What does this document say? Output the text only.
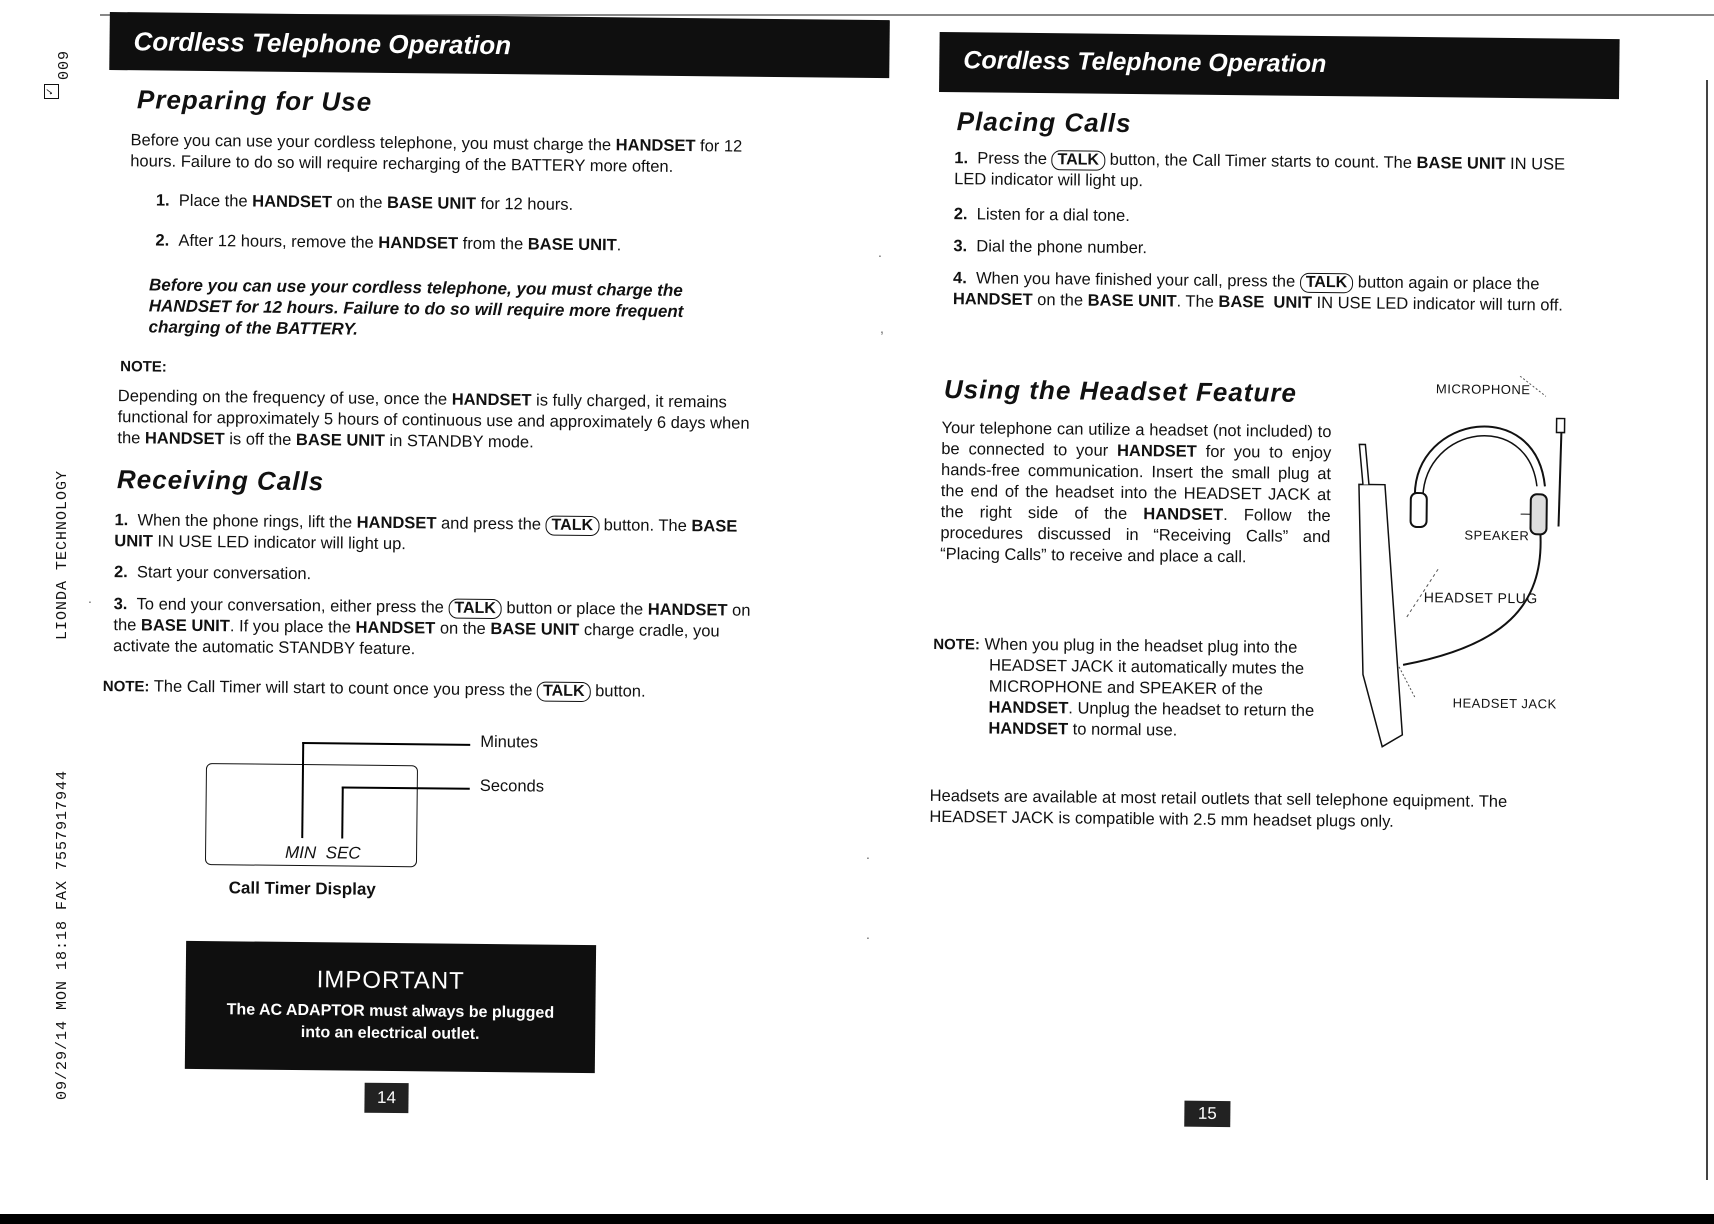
✓
009
LIONDA TECHNOLOGY
09/29/14 MON 18:18 FAX 7557917944
Cordless Telephone Operation
Preparing for Use
Before you can use your cordless telephone, you must charge the HANDSET for 12 hours. Failure to do so will require recharging of the BATTERY more often.
1. Place the HANDSET on the BASE UNIT for 12 hours.
2. After 12 hours, remove the HANDSET from the BASE UNIT.
Before you can use your cordless telephone, you must charge the HANDSET for 12 hours. Failure to do so will require more frequent charging of the BATTERY.
NOTE:
Depending on the frequency of use, once the HANDSET is fully charged, it remains functional for approximately 5 hours of continuous use and approximately 6 days when the HANDSET is off the BASE UNIT in STANDBY mode.
Receiving Calls
1. When the phone rings, lift the HANDSET and press the TALK button. The BASE UNIT IN USE LED indicator will light up.
2. Start your conversation.
3. To end your conversation, either press the TALK button or place the HANDSET on the BASE UNIT. If you place the HANDSET on the BASE UNIT charge cradle, you activate the automatic STANDBY feature.
NOTE: The Call Timer will start to count once you press the TALK button.
Minutes
Seconds
MIN  SEC
Call Timer Display
IMPORTANT
The AC ADAPTOR must always be plugged
into an electrical outlet.
14
Cordless Telephone Operation
Placing Calls
1. Press the TALK button, the Call Timer starts to count. The BASE UNIT IN USE LED indicator will light up.
2. Listen for a dial tone.
3. Dial the phone number.
4. When you have finished your call, press the TALK button again or place the HANDSET on the BASE UNIT. The BASE  UNIT IN USE LED indicator will turn off.
Using the Headset Feature
Your telephone can utilize a headset (not included) to be connected to your HANDSET for you to enjoy hands-free communication. Insert the small plug at the end of the headset into the HEADSET JACK at the right side of the HANDSET. Follow the procedures discussed in “Receiving Calls” and “Placing Calls” to receive and place a call.
NOTE: When you plug in the headset plug into the HEADSET JACK it automatically mutes the MICROPHONE and SPEAKER of the HANDSET. Unplug the headset to return the HANDSET to normal use.
MICROPHONE
SPEAKER
HEADSET PLUG
HEADSET JACK
Headsets are available at most retail outlets that sell telephone equipment. The HEADSET JACK is compatible with 2.5 mm headset plugs only.
15
.
,
.
.
.
